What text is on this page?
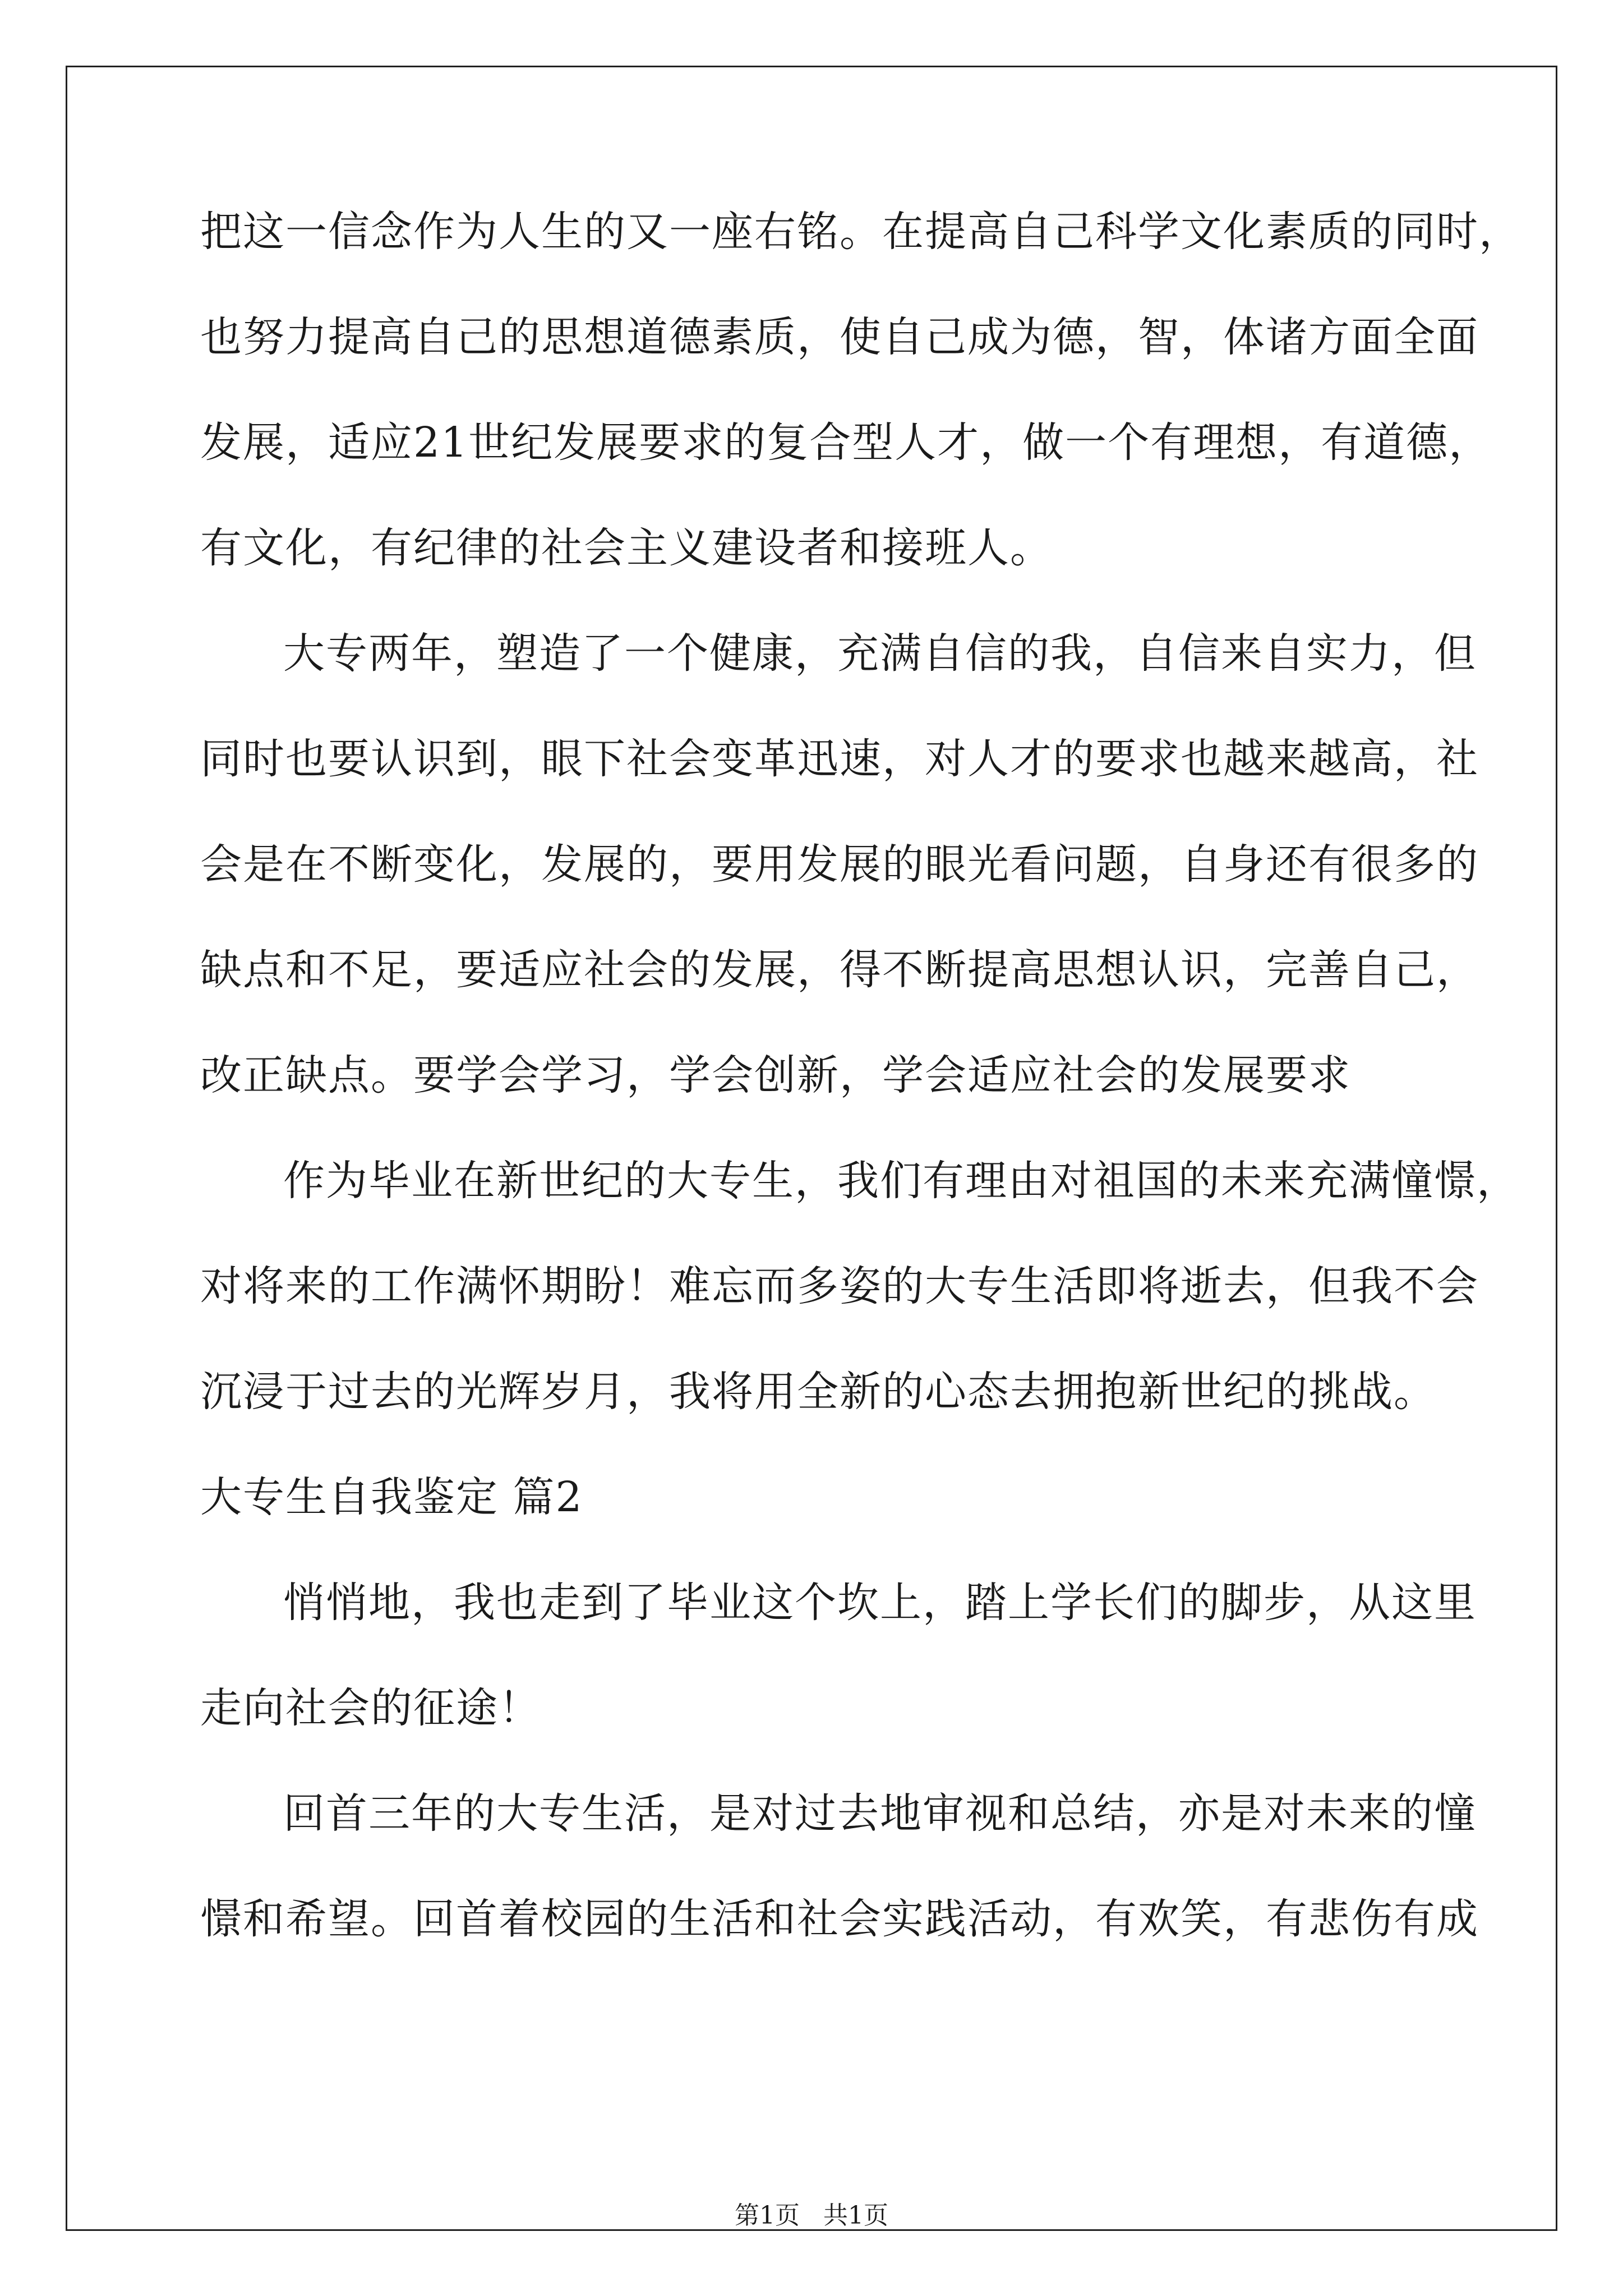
把这一信念作为人生的又一座右铭。在提高自己科学文化素质的同时，
也努力提高自己的思想道德素质，使自己成为德，智，体诸方面全面
发展，适应21世纪发展要求的复合型人才，做一个有理想，有道德，
有文化，有纪律的社会主义建设者和接班人。
大专两年，塑造了一个健康，充满自信的我，自信来自实力，但
同时也要认识到，眼下社会变革迅速，对人才的要求也越来越高，社
会是在不断变化，发展的，要用发展的眼光看问题，自身还有很多的
缺点和不足，要适应社会的发展，得不断提高思想认识，完善自己，
改正缺点。要学会学习，学会创新，学会适应社会的发展要求
作为毕业在新世纪的大专生，我们有理由对祖国的未来充满憧憬，
对将来的工作满怀期盼！难忘而多姿的大专生活即将逝去，但我不会
沉浸于过去的光辉岁月，我将用全新的心态去拥抱新世纪的挑战。
大专生自我鉴定 篇2
悄悄地，我也走到了毕业这个坎上，踏上学长们的脚步，从这里
走向社会的征途！
回首三年的大专生活，是对过去地审视和总结，亦是对未来的憧
憬和希望。回首着校园的生活和社会实践活动，有欢笑，有悲伤有成
第1页   共1页
